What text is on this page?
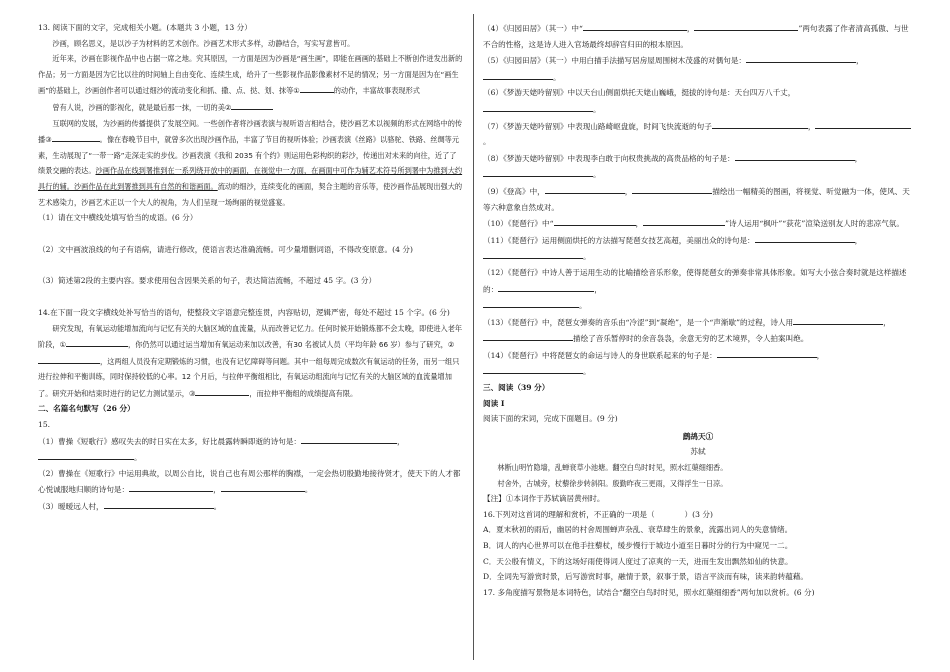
13. 阅读下面的文字，完成相关小题。(本题共 3 小题，13 分）

沙画，顾名思义，是以沙子为材料的艺术创作。沙画艺术形式多样，动静结合，写实写意皆可。

近年来，沙画在影视作品中也占据一席之地。究其原因，一方面是因为沙画是“画生画”，即能在画画的基础上不断创作迸发出新的作品；另一方面是因为它比以往的时间轴上自由变化、连续生成，给升了一些影视作品影像素材不足的情况；另一方面是因为在“画生画”的基础上，沙画创作者可以通过细沙的流动变化和抓、撒、点、挞、划、抹等①	的动作，丰富故事表现形式

曾有人说，沙画的影视化，就是最后那一抹，一切的美②

互联网的发展，为沙画的传播提供了发展空间。一些创作者将沙画表演与视听语言相结合，使沙画艺术以视频的形式在网络中的传播③	。像在春晚节目中，就曾多次出现沙画作品，丰富了节目的视听体验；沙画表演《丝路》以骆驼、铁路、丝绸等元素，生动展现了“一带一路”走深走实的步伐。沙画表演《我和 2035 有个约》则运用色彩构织的彩沙，传递出对未来的向往，近了了绩景交融的表达。沙画作品在线到署推到在一系列绕开放中的画面，在视觉中一方面，在画面中可作为辅艺术符号所到署中为推到大约具行的辅。沙画作品在此到署推到具有自然的和谐画面。流动的细沙，连续变化的画面，契合主题的音乐等，使沙画作品展现出强大的艺术感染力，沙画艺术正以一个大人的视角，为人们呈现一场绚丽的视觉盛宴。

（1）请在文中横线处填写恰当的成语。(6 分）

（2）文中画波浪线的句子有语病，请进行修改，使语言表达准确流畅。可少量增删词语，不得改变原意。(4 分)

（3）简述第2段的主要内容。要求使用包含因果关系的句子，表达简洁流畅，不超过 45 字。(3 分）

14.在下面一段文字横线处补写恰当的语句，使整段文字语意完整连贯，内容贴切，逻辑严密，每处不超过 15 个字。(6 分)

研究发现，有氧运动能增加流向与记忆有关的大脑区域的血流量，从而改善记忆力。任何时候开始锻炼都不会太晚，即使进入老年阶段，①	，你仍然可以通过运当增加有氧运动来加以改善，有30 名被试人员（平均年龄 66 岁）参与了研究，②，这两组人员没有定期锻炼的习惯，也没有记忆障碍等问题。其中一组每周完成数次有氧运动的任务，而另一组只进行拉伸和平衡训练，同时保持较低的心率。12 个月后，与拉伸平衡组相比，有氧运动组流向与记忆有关的大脑区域的血流量增加了。研究开始和结束时进行的记忆力测试显示，③	，而拉伸平衡组的成绩提高有限。

二、名篇名句默写（26 分）

15.

（1）曹操《短歌行》感叹失去的时日实在太多，好比晨露转瞬即逝的诗句是：	，
。

（2）曹操在《短歌行》中运用典故，以周公自比，说自己也有周公那样的胸襟，一定会热切殷勤地接待贤才，使天下的人才都心悦诚服地归顺的诗句是：	，	。

（3）暧暧远人村，	。

（4）《归园田居》（其一）中“	，	”两句表露了作者清高孤傲、与世不合的性格，这是诗人进入官场最终却辞官归田的根本原因。

（5）《归园田居》（其一）中用白描手法描写居房屋周围树木茂盛的对偶句是：	，
。

（6）《梦游天姥吟留别》中以天台山侧面烘托天姥山巍峨，挺拔的诗句是：天台四万八千丈，
。

（7）《梦游天姥吟留别》中表现山路崎岖盘旋，时间飞快流逝的句子	，。

（8）《梦游天姥吟留别》中表现李白敢于向权贵挑战的高贵品格的句子是：	，
。

（9）《登高》中，	，	描绘出一幅精美的图画，将视觉、听觉融为一体，使风、天等六种意象自然成对。

（10）《琵琶行》中“	，	”诗人运用“枫叶”“荻花”渲染送别友人时的悲凉气氛。

（11）《琵琶行》运用侧面烘托的方法描写琵琶女技艺高超，美丽出众的诗句是：	，
。

（12）《琵琶行》中诗人善于运用生动的比喻描绘音乐形象，使得琵琶女的弹奏非常具体形象。如写大小弦合奏时就是这样描述的：	，
。

（13）《琵琶行》中，琵琶女弹奏的音乐由“冷涩”到“凝绝”，是一个“声渐歇”的过程，诗人用	，描绘了音乐暂停时的余音袅袅，余意无穷的艺术境界，令人拍案叫绝。

（14）《琵琶行》中将琵琶女的命运与诗人的身世联系起来的句子是：	，。

三、阅读（39 分）

阅读 I

阅读下面的宋词，完成下面题目。(9 分)

鹧鸪天①

苏轼

林断山明竹隐墙，乱蝉衰草小池塘。翻空白鸟时时见，照水红蕖细细香。

村舍外，古城旁，杖藜徐步转斜阳。殷勤昨夜三更雨，又得浮生一日凉。

【注】①本词作于苏轼谪居黄州时。

16.下列对这首词的理解和赏析，不正确的一项是（	）(3 分)

A．夏末秋初的雨后，幽居的村舍周围蝉声杂乱、衰草肆生的景象，流露出词人的失意情绪。

B．词人的内心世界可以在他手拄藜杖，缓步慢行于城边小道至日暮时分的行为中窥见一二。

C．天公殷有情义，下的这场好雨使得词人度过了凉爽的一天，进而生发出飘然如仙的快意。

D．全词先写游赏时景，后写游赏时事，融情于景，叙事于景，语言平淡而有味，读来韵转蕴藉。

17. 多角度描写景物是本词特色，试结合“翻空白鸟时时见，照水红蕖细细香”两句加以赏析。(6 分)
